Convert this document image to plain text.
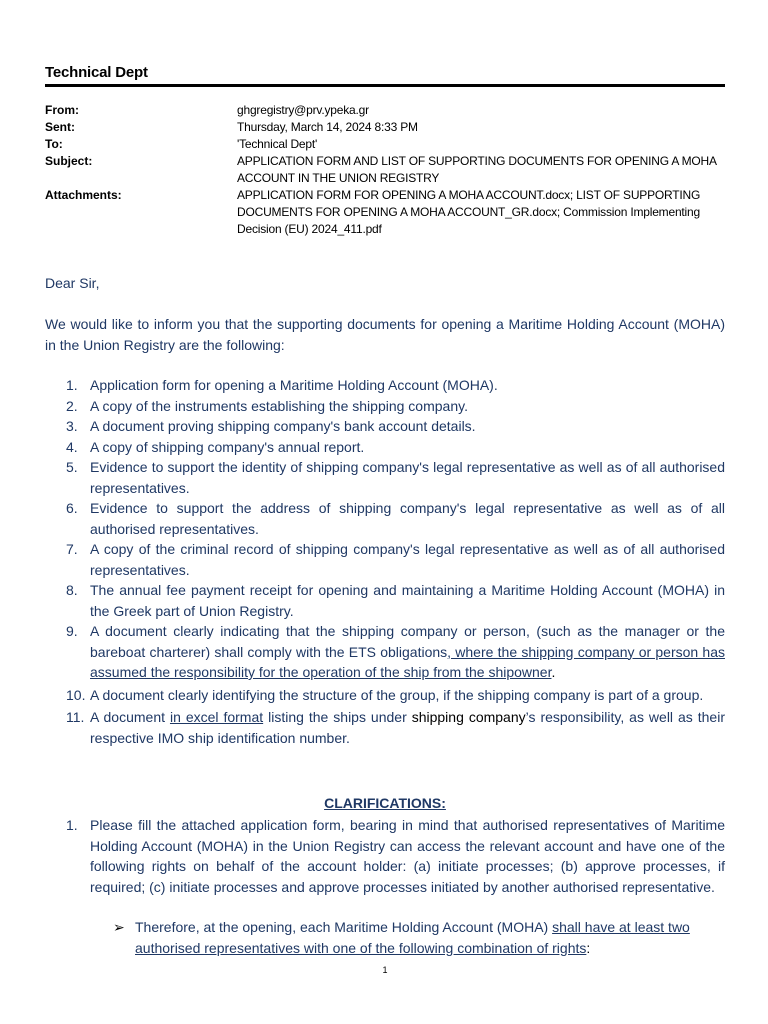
Technical Dept
From:	ghgregistry@prv.ypeka.gr
Sent:	Thursday, March 14, 2024 8:33 PM
To:	'Technical Dept'
Subject:	APPLICATION FORM AND LIST OF SUPPORTING DOCUMENTS FOR OPENING A MOHA ACCOUNT IN THE UNION REGISTRY
Attachments:	APPLICATION FORM FOR OPENING A MOHA ACCOUNT.docx; LIST OF SUPPORTING DOCUMENTS FOR OPENING A MOHA ACCOUNT_GR.docx; Commission Implementing Decision (EU) 2024_411.pdf
Dear Sir,
We would like to inform you that the supporting documents for opening a Maritime Holding Account (MOHA) in the Union Registry are the following:
1. Application form for opening a Maritime Holding Account (MOHA).
2. A copy of the instruments establishing the shipping company.
3. A document proving shipping company's bank account details.
4. A copy of shipping company's annual report.
5. Evidence to support the identity of shipping company's legal representative as well as of all authorised representatives.
6. Evidence to support the address of shipping company's legal representative as well as of all authorised representatives.
7. A copy of the criminal record of shipping company's legal representative as well as of all authorised representatives.
8. The annual fee payment receipt for opening and maintaining a Maritime Holding Account (MOHA) in the Greek part of Union Registry.
9. A document clearly indicating that the shipping company or person, (such as the manager or the bareboat charterer) shall comply with the ETS obligations, where the shipping company or person has assumed the responsibility for the operation of the ship from the shipowner.
10. A document clearly identifying the structure of the group, if the shipping company is part of a group.
11. A document in excel format listing the ships under shipping company’s responsibility, as well as their respective IMO ship identification number.
CLARIFICATIONS:
1. Please fill the attached application form, bearing in mind that authorised representatives of Maritime Holding Account (MOHA) in the Union Registry can access the relevant account and have one of the following rights on behalf of the account holder: (a) initiate processes; (b) approve processes, if required; (c) initiate processes and approve processes initiated by another authorised representative.
➢ Therefore, at the opening, each Maritime Holding Account (MOHA) shall have at least two authorised representatives with one of the following combination of rights:
1
